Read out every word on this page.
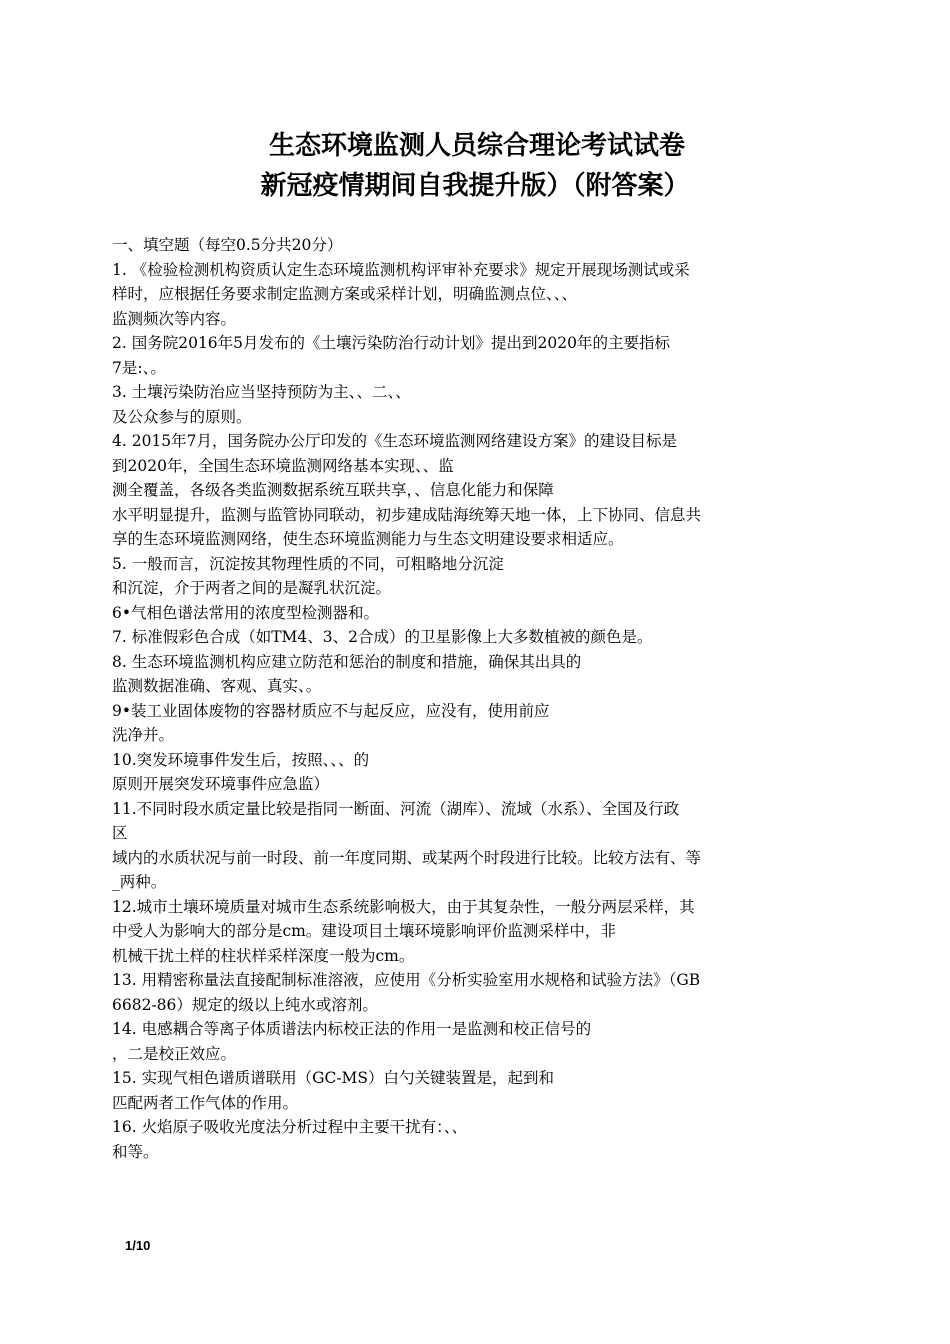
生态环境监测人员综合理论考试试卷
新冠疫情期间自我提升版）（附答案）
一、填空题（每空0.5分共20分）
1. 《检验检测机构资质认定生态环境监测机构评审补充要求》规定开展现场测试或采
样时，应根据任务要求制定监测方案或采样计划，明确监测点位、、、
监测频次等内容。
2. 国务院2016年5月发布的《土壤污染防治行动计划》提出到2020年的主要指标
7是:、。
3. 土壤污染防治应当坚持预防为主、、二、、
及公众参与的原则。
4. 2015年7月，国务院办公厅印发的《生态环境监测网络建设方案》的建设目标是
到2020年，全国生态环境监测网络基本实现、、监
测全覆盖，各级各类监测数据系统互联共享，、信息化能力和保障
水平明显提升，监测与监管协同联动，初步建成陆海统筹天地一体，上下协同、信息共
享的生态环境监测网络，使生态环境监测能力与生态文明建设要求相适应。
5. 一般而言，沉淀按其物理性质的不同，可粗略地分沉淀
和沉淀，介于两者之间的是凝乳状沉淀。
6•气相色谱法常用的浓度型检测器和。
7. 标准假彩色合成（如TM4、3、2合成）的卫星影像上大多数植被的颜色是。
8. 生态环境监测机构应建立防范和惩治的制度和措施，确保其出具的
监测数据准确、客观、真实、。
9•装工业固体废物的容器材质应不与起反应，应没有，使用前应
洗净并。
10.突发环境事件发生后，按照、、、的
原则开展突发环境事件应急监）
11.不同时段水质定量比较是指同一断面、河流（湖库）、流域（水系）、全国及行政
区
域内的水质状况与前一时段、前一年度同期、或某两个时段进行比较。比较方法有、等
_两种。
12.城市土壤环境质量对城市生态系统影响极大，由于其复杂性，一般分两层采样，其
中受人为影响大的部分是cm。建设项目土壤环境影响评价监测采样中，非
机械干扰土样的柱状样采样深度一般为cm。
13. 用精密称量法直接配制标准溶液，应使用《分析实验室用水规格和试验方法》（GB
6682-86）规定的级以上纯水或溶剂。
14. 电感耦合等离子体质谱法内标校正法的作用一是监测和校正信号的
，二是校正效应。
15. 实现气相色谱质谱联用（GC-MS）白勺关键装置是，起到和
匹配两者工作气体的作用。
16. 火焰原子吸收光度法分析过程中主要干扰有：、、
和等。
1/10
